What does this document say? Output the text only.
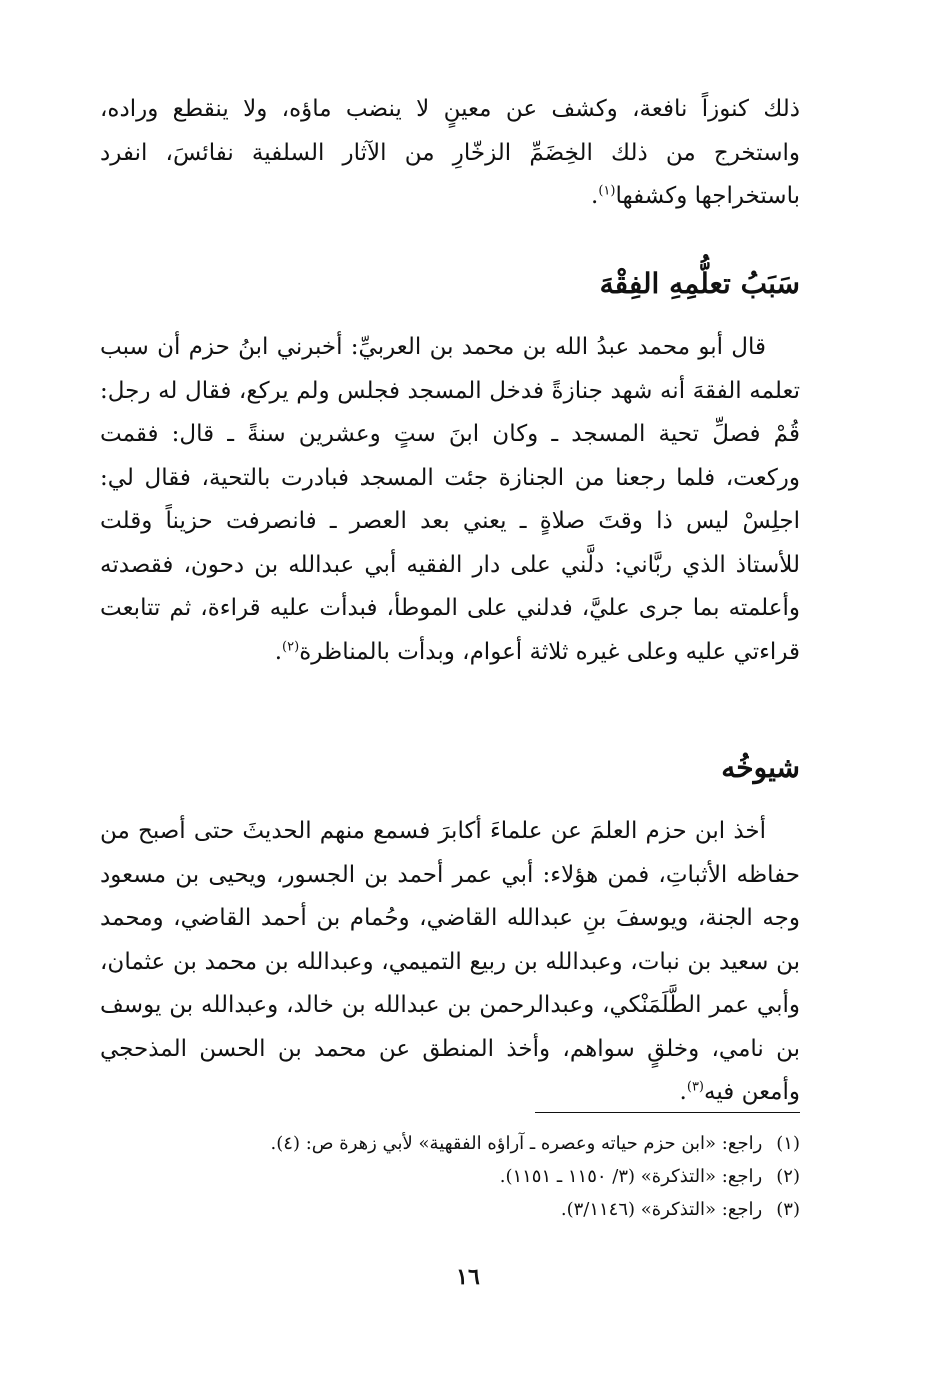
ذلك كنوزاً نافعة، وكشف عن معينٍ لا ينضب ماؤه، ولا ينقطع وراده، واستخرج من ذلك الخِضَمِّ الزخّارِ من الآثار السلفية نفائسَ، انفرد باستخراجها وكشفها$^{(١)}$.

سَبَبُ تعلُّمِهِ الفِقْهَ

قال أبو محمد عبدُ الله بن محمد بن العربيِّ: أخبرني ابنُ حزم أن سبب تعلمه الفقهَ أنه شهد جنازةً فدخل المسجد فجلس ولم يركع، فقال له رجل: قُمْ فصلِّ تحية المسجد ـ وكان ابنَ ستٍ وعشرين سنةً ـ قال: فقمت وركعت، فلما رجعنا من الجنازة جئت المسجد فبادرت بالتحية، فقال لي: اجلِسْ ليس ذا وقتَ صلاةٍ ـ يعني بعد العصر ـ فانصرفت حزيناً وقلت للأستاذ الذي ربَّاني: دلَّني على دار الفقيه أبي عبدالله بن دحون، فقصدته وأعلمته بما جرى عليَّ، فدلني على الموطأ، فبدأت عليه قراءة، ثم تتابعت قراءتي عليه وعلى غيره ثلاثة أعوام، وبدأت بالمناظرة$^{(٢)}$.

شيوخُه

أخذ ابن حزم العلمَ عن علماءَ أكابرَ فسمع منهم الحديثَ حتى أصبح من حفاظه الأثباتِ، فمن هؤلاء: أبي عمر أحمد بن الجسور، ويحيى بن مسعود وجه الجنة، ويوسفَ بنِ عبدالله القاضي، وحُمام بن أحمد القاضي، ومحمد بن سعيد بن نبات، وعبدالله بن ربيع التميمي، وعبدالله بن محمد بن عثمان، وأبي عمر الطَّلَمَنْكي، وعبدالرحمن بن عبدالله بن خالد، وعبدالله بن يوسف بن نامي، وخلقٍ سواهم، وأخذ المنطق عن محمد بن الحسن المذحجي وأمعن فيه$^{(٣)}$.

(١)راجع: «ابن حزم حياته وعصره ـ آراؤه الفقهية» لأبي زهرة ص: (٤).
(٢)راجع: «التذكرة» (٣/ ١١٥٠ ـ ١١٥١).
(٣)راجع: «التذكرة» (٣/١١٤٦).
١٦
